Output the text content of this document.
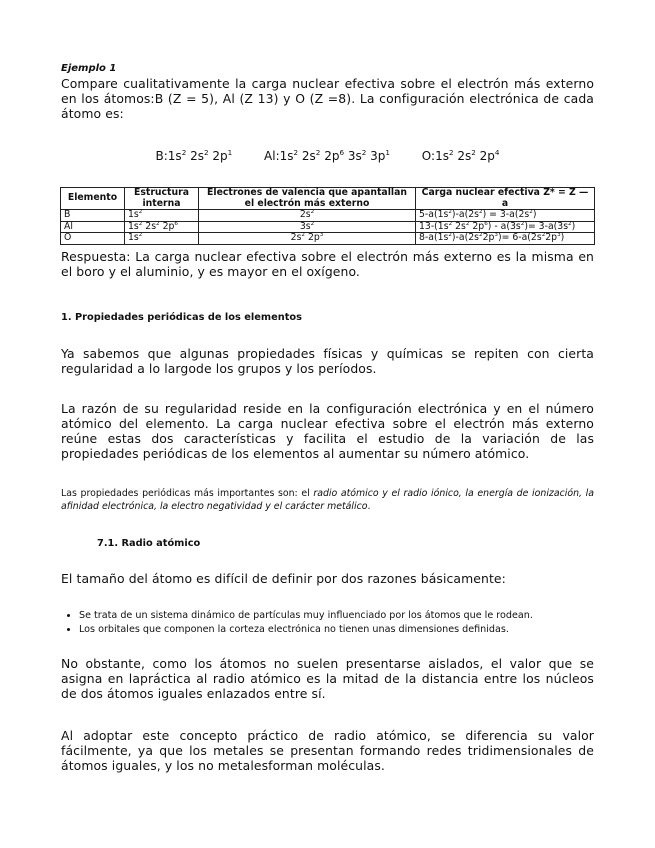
Ejemplo 1

Compare cualitativamente la carga nuclear efectiva sobre el electrón más externo en los átomos:B (Z = 5), Al (Z 13) y O (Z =8). La configuración electrónica de cada átomo es:

$B:1s^2$ $2s^2$ $2p^1$	$Al:1s^2$ $2s^2$ $2p^6$ $3s^2$ $3p^1$	$O:1s^2$ $2s^2$ $2p^4$
Elemento	Estructura interna	Electrones de valencia que apantallan el electrón más externo	Carga nuclear efectiva Z* = Z — a
B	$1s^2$	$2s^2$	$5-a(1s^2)-a(2s^2) = 3-a(2s^2)$
Al	$1s^2$ $2s^2$ $2p^6$	$3s^2$	$13-(1s^2$ $2s^2$ $2p^6) - a(3s^2)= 3-a(3s^2)$
O	$1s^2$	$2s^2$ $2p^3$	$8-a(1s^2)-a(2s^22p^3)= 6-a(2s^22p^3)$

Respuesta: La carga nuclear efectiva sobre el electrón más externo es la misma en el boro y el aluminio, y es mayor en el oxígeno.

1. Propiedades periódicas de los elementos

Ya sabemos que algunas propiedades físicas y químicas se repiten con cierta regularidad a lo largode los grupos y los períodos.

La razón de su regularidad reside en la configuración electrónica y en el número atómico del elemento. La carga nuclear efectiva sobre el electrón más externo reúne estas dos características y facilita el estudio de la variación de las propiedades periódicas de los elementos al aumentar su número atómico.

Las propiedades periódicas más importantes son: el radio atómico y el radio iónico, la energía de ionización, la afinidad electrónica, la electro negatividad y el carácter metálico.

7.1. Radio atómico

El tamaño del átomo es difícil de definir por dos razones básicamente:

• Se trata de un sistema dinámico de partículas muy influenciado por los átomos que le rodean.
• Los orbitales que componen la corteza electrónica no tienen unas dimensiones definidas.

No obstante, como los átomos no suelen presentarse aislados, el valor que se asigna en lapráctica al radio atómico es la mitad de la distancia entre los núcleos de dos átomos iguales enlazados entre sí.

Al adoptar este concepto práctico de radio atómico, se diferencia su valor fácilmente, ya que los metales se presentan formando redes tridimensionales de átomos iguales, y los no metalesforman moléculas.
